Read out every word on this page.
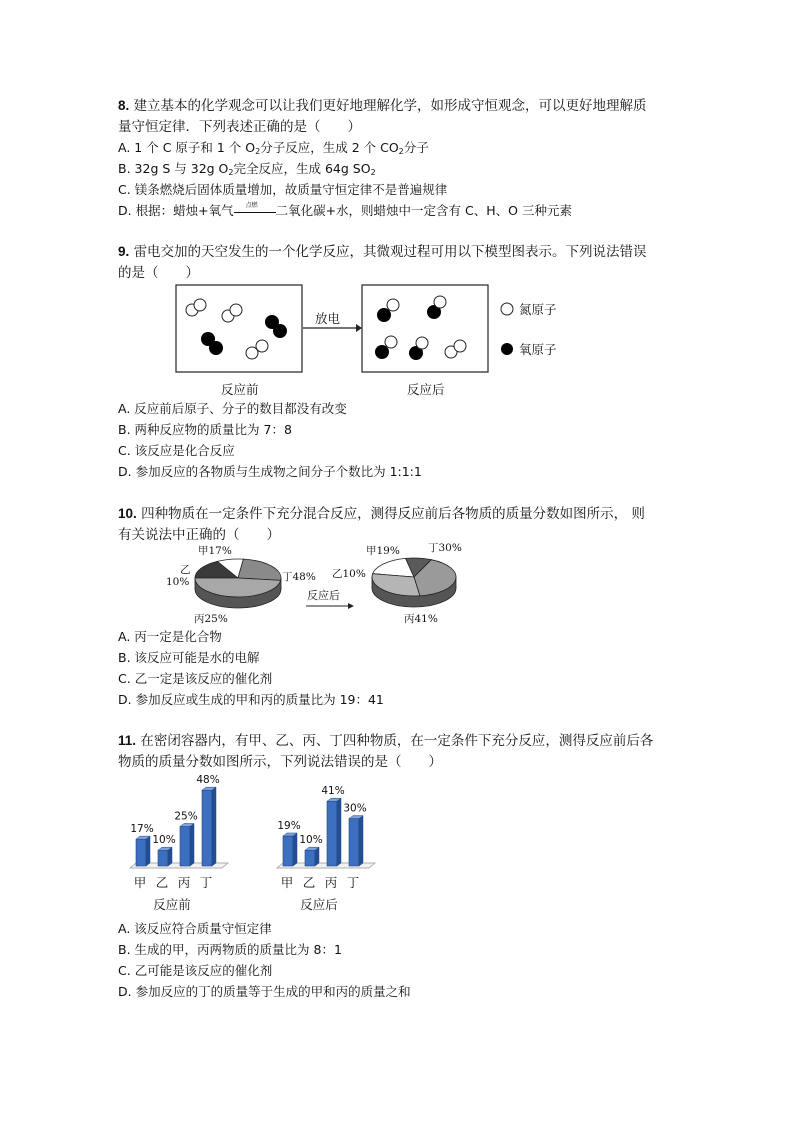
8. 建立基本的化学观念可以让我们更好地理解化学，如形成守恒观念，可以更好地理解质
量守恒定律．下列表述正确的是（　　）
A. 1 个 C 原子和 1 个 $O_2$分子反应，生成 2 个 $CO_2$分子
B. 32g S 与 32g $O_2$完全反应，生成 64g $SO_2$
C. 镁条燃烧后固体质量增加，故质量守恒定律不是普遍规律
D. 根据：蜡烛+氧气 点燃 二氧化碳+水，则蜡烛中一定含有 C、H、O 三种元素
9. 雷电交加的天空发生的一个化学反应，其微观过程可用以下模型图表示。下列说法错误
的是（　　）
放电
氮原子
氧原子
反应前	反应后
A. 反应前后原子、分子的数目都没有改变
B. 两种反应物的质量比为 7：8
C. 该反应是化合反应
D. 参加反应的各物质与生成物之间分子个数比为 1:1:1
10. 四种物质在一定条件下充分混合反应，测得反应前后各物质的质量分数如图所示， 则
有关说法中正确的（　　）
甲17%
乙
10%	丁48%
丙25%
反应后
甲19%	丁30%
乙10%
丙41%
A. 丙一定是化合物
B. 该反应可能是水的电解
C. 乙一定是该反应的催化剂
D. 参加反应或生成的甲和丙的质量比为 19：41
11. 在密闭容器内，有甲、乙、丙、丁四种物质，在一定条件下充分反应，测得反应前后各
物质的质量分数如图所示，下列说法错误的是（　　）
17%
甲
10%
乙
25%
丙
48%
丁
反应前
19%
甲
10%
乙
41%
丙
30%
丁
反应后
A. 该反应符合质量守恒定律
B. 生成的甲，丙两物质的质量比为 8：1
C. 乙可能是该反应的催化剂
D. 参加反应的丁的质量等于生成的甲和丙的质量之和
